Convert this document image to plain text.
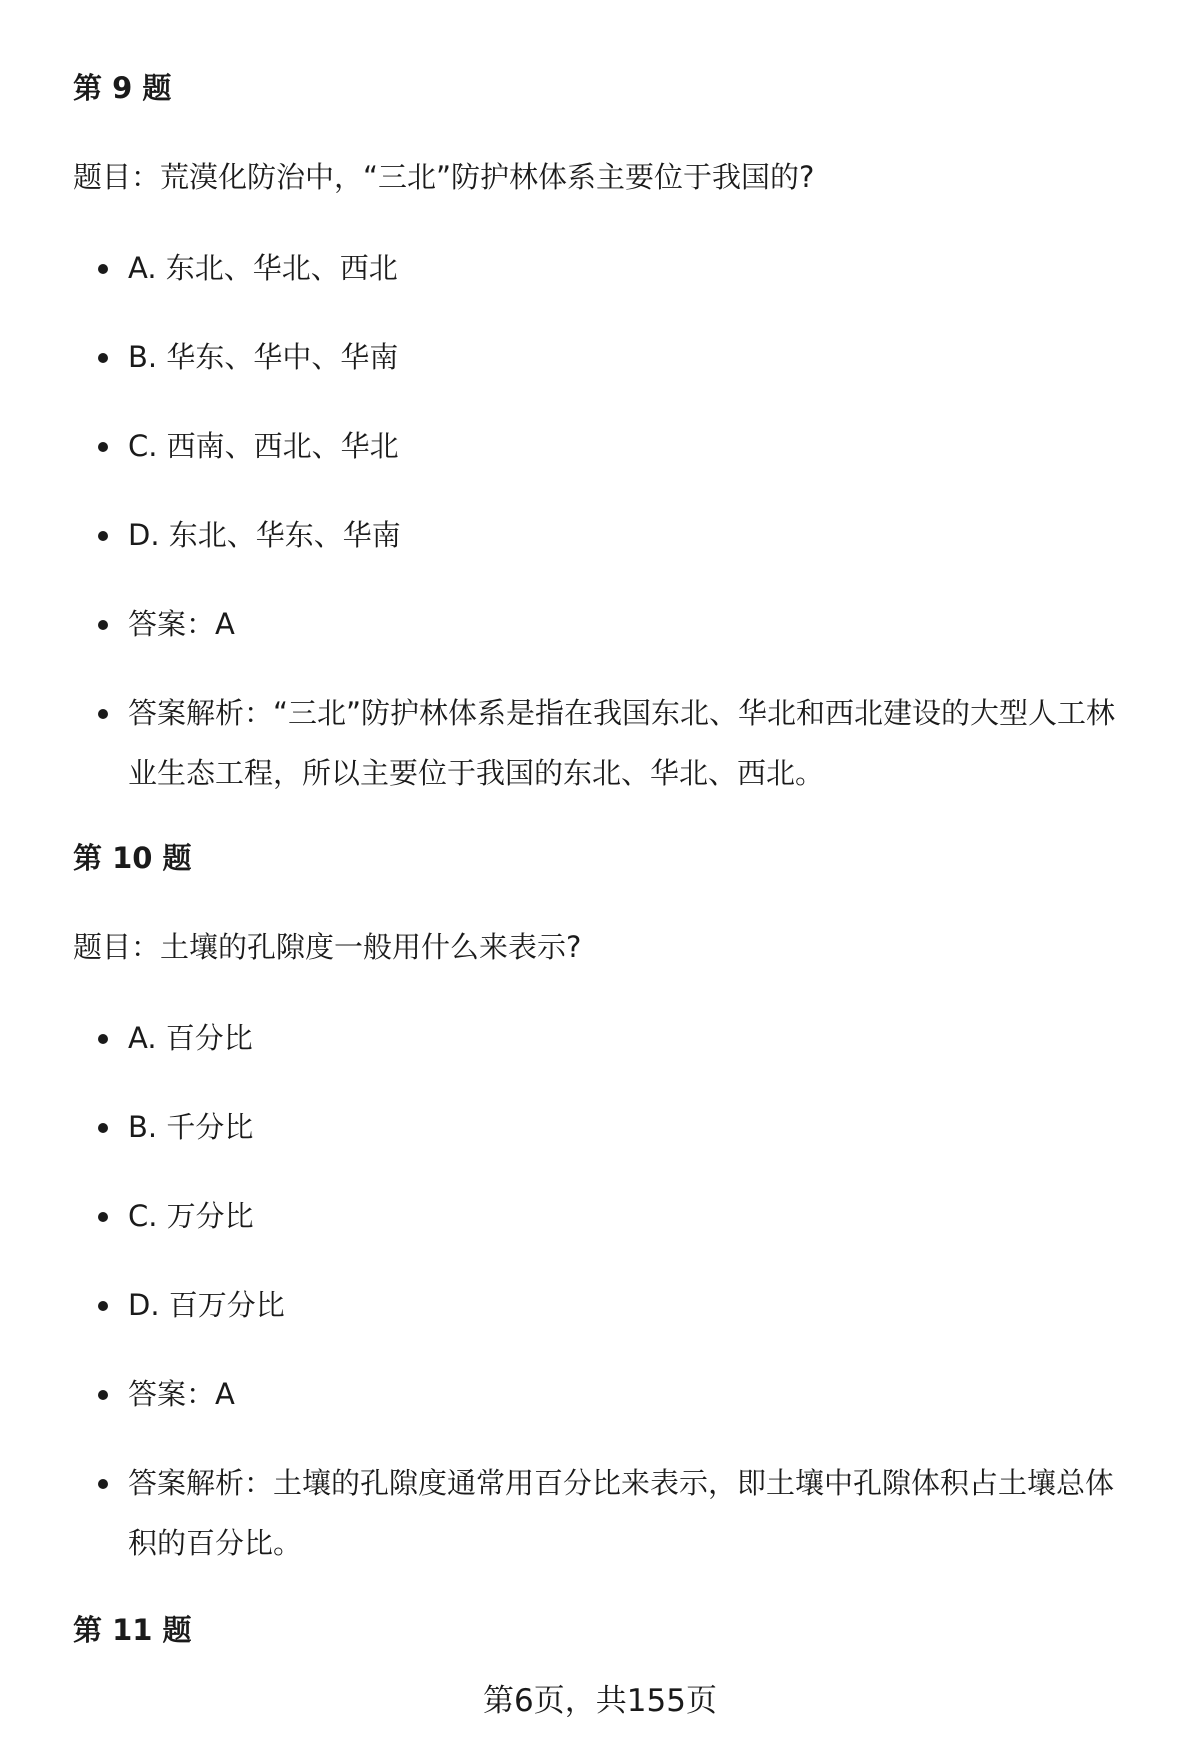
第 9 题

题目：荒漠化防治中，“三北”防护林体系主要位于我国的?

A. 东北、华北、西北
B. 华东、华中、华南
C. 西南、西北、华北
D. 东北、华东、华南
答案：A
答案解析：“三北”防护林体系是指在我国东北、华北和西北建设的大型人工林业生态工程，所以主要位于我国的东北、华北、西北。
第 10 题

题目：土壤的孔隙度一般用什么来表示?

A. 百分比
B. 千分比
C. 万分比
D. 百万分比
答案：A
答案解析：土壤的孔隙度通常用百分比来表示，即土壤中孔隙体积占土壤总体积的百分比。
第 11 题

第6页，共155页
